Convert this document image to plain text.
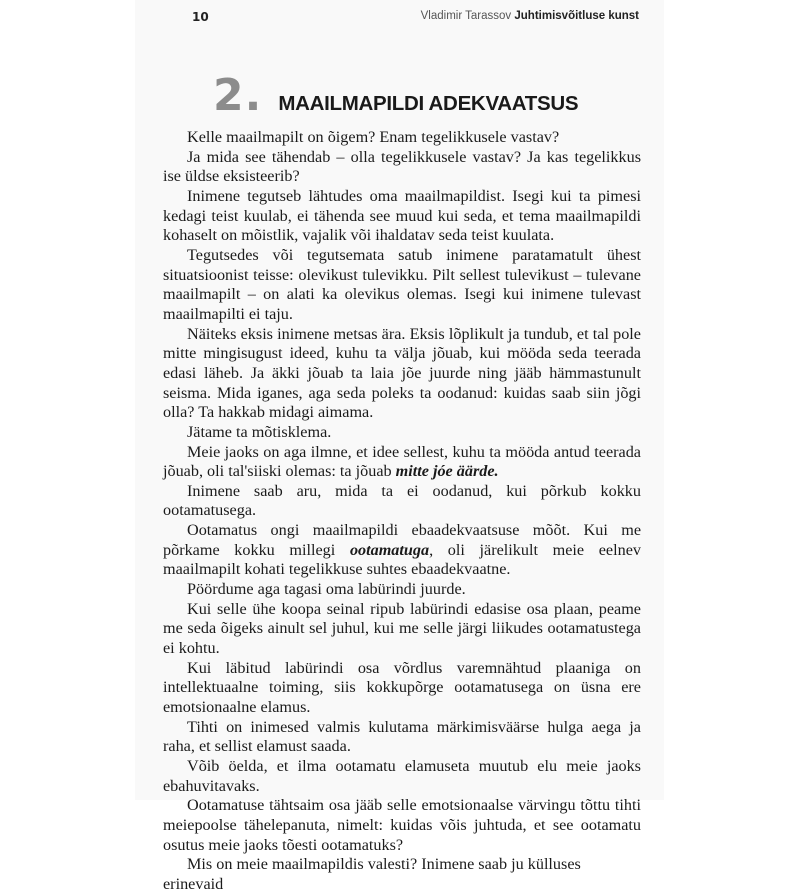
10	Vladimir Tarassov Juhtimisvõitluse kunst
2. MAAILMAPILDI ADEKVAATSUS

Kelle maailmapilt on õigem? Enam tegelikkusele vastav?

Ja mida see tähendab – olla tegelikkusele vastav? Ja kas tegelikkus ise üldse eksisteerib?

Inimene tegutseb lähtudes oma maailmapildist. Isegi kui ta pimesi kedagi teist kuulab, ei tähenda see muud kui seda, et tema maailmapildi kohaselt on mõistlik, vajalik või ihaldatav seda teist kuulata.

Tegutsedes või tegutsemata satub inimene paratamatult ühest situatsioonist teisse: olevikust tulevikku. Pilt sellest tulevikust – tulevane maailmapilt – on alati ka olevikus olemas. Isegi kui inimene tulevast maailmapilti ei taju.

Näiteks eksis inimene metsas ära. Eksis lõplikult ja tundub, et tal pole mitte mingisugust ideed, kuhu ta välja jõuab, kui mööda seda teerada edasi läheb. Ja äkki jõuab ta laia jõe juurde ning jääb hämmastunult seisma. Mida iganes, aga seda poleks ta oodanud: kuidas saab siin jõgi olla? Ta hakkab midagi aimama.

Jätame ta mõtisklema.

Meie jaoks on aga ilmne, et idee sellest, kuhu ta mööda antud teerada jõuab, oli tal'siiski olemas: ta jõuab mitte jóe äärde.

Inimene saab aru, mida ta ei oodanud, kui põrkub kokku ootamatusega.

Ootamatus ongi maailmapildi ebaadekvaatsuse mõõt. Kui me põrkame kokku millegi ootamatuga, oli järelikult meie eelnev maailmapilt kohati tegelikkuse suhtes ebaadekvaatne.

Pöördume aga tagasi oma labürindi juurde.

Kui selle ühe koopa seinal ripub labürindi edasise osa plaan, peame me seda õigeks ainult sel juhul, kui me selle järgi liikudes ootamatustega ei kohtu.

Kui läbitud labürindi osa võrdlus varemnähtud plaaniga on intellektuaalne toiming, siis kokkupõrge ootamatusega on üsna ere emotsionaalne elamus.

Tihti on inimesed valmis kulutama märkimisväärse hulga aega ja raha, et sellist elamust saada.

Võib öelda, et ilma ootamatu elamuseta muutub elu meie jaoks ebahuvitavaks.

Ootamatuse tähtsaim osa jääb selle emotsionaalse värvingu tõttu tihti meiepoolse tähelepanuta, nimelt: kuidas võis juhtuda, et see ootamatu osutus meie jaoks tõesti ootamatuks?

Mis on meie maailmapildis valesti? Inimene saab ju külluses erinevaid
